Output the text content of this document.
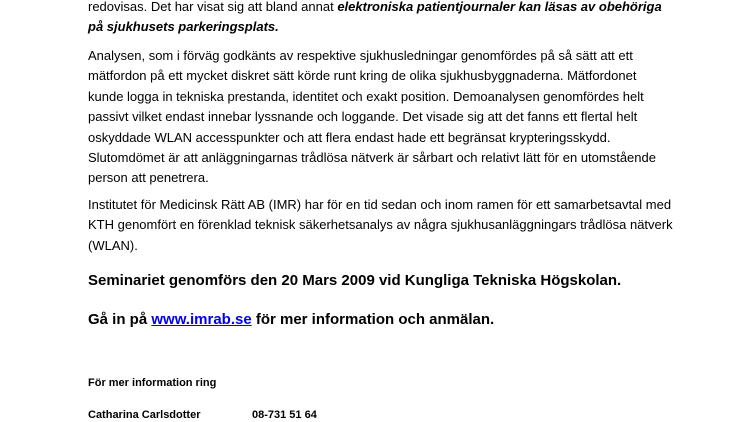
redovisas. Det har visat sig att bland annat elektroniska patientjournaler kan läsas av obehöriga på sjukhusets parkeringsplats.

Analysen, som i förväg godkänts av respektive sjukhusledningar genomfördes på så sätt att ett mätfordon på ett mycket diskret sätt körde runt kring de olika sjukhusbyggnaderna. Mätfordonet kunde logga in tekniska prestanda, identitet och exakt position. Demoanalysen genomfördes helt passivt vilket endast innebar lyssnande och loggande. Det visade sig att det fanns ett flertal helt oskyddade WLAN accesspunkter och att flera endast hade ett begränsat krypteringsskydd. Slutomdömet är att anläggningarnas trådlösa nätverk är sårbart och relativt lätt för en utomstående person att penetrera.

Institutet för Medicinsk Rätt AB (IMR) har för en tid sedan och inom ramen för ett samarbetsavtal med KTH genomfört en förenklad teknisk säkerhetsanalys av några sjukhusanläggningars trådlösa nätverk (WLAN).

Seminariet genomförs den 20 Mars 2009 vid Kungliga Tekniska Högskolan.

Gå in på www.imrab.se för mer information och anmälan.

För mer information ring

Catharina Carlsdotter	08-731 51 64
